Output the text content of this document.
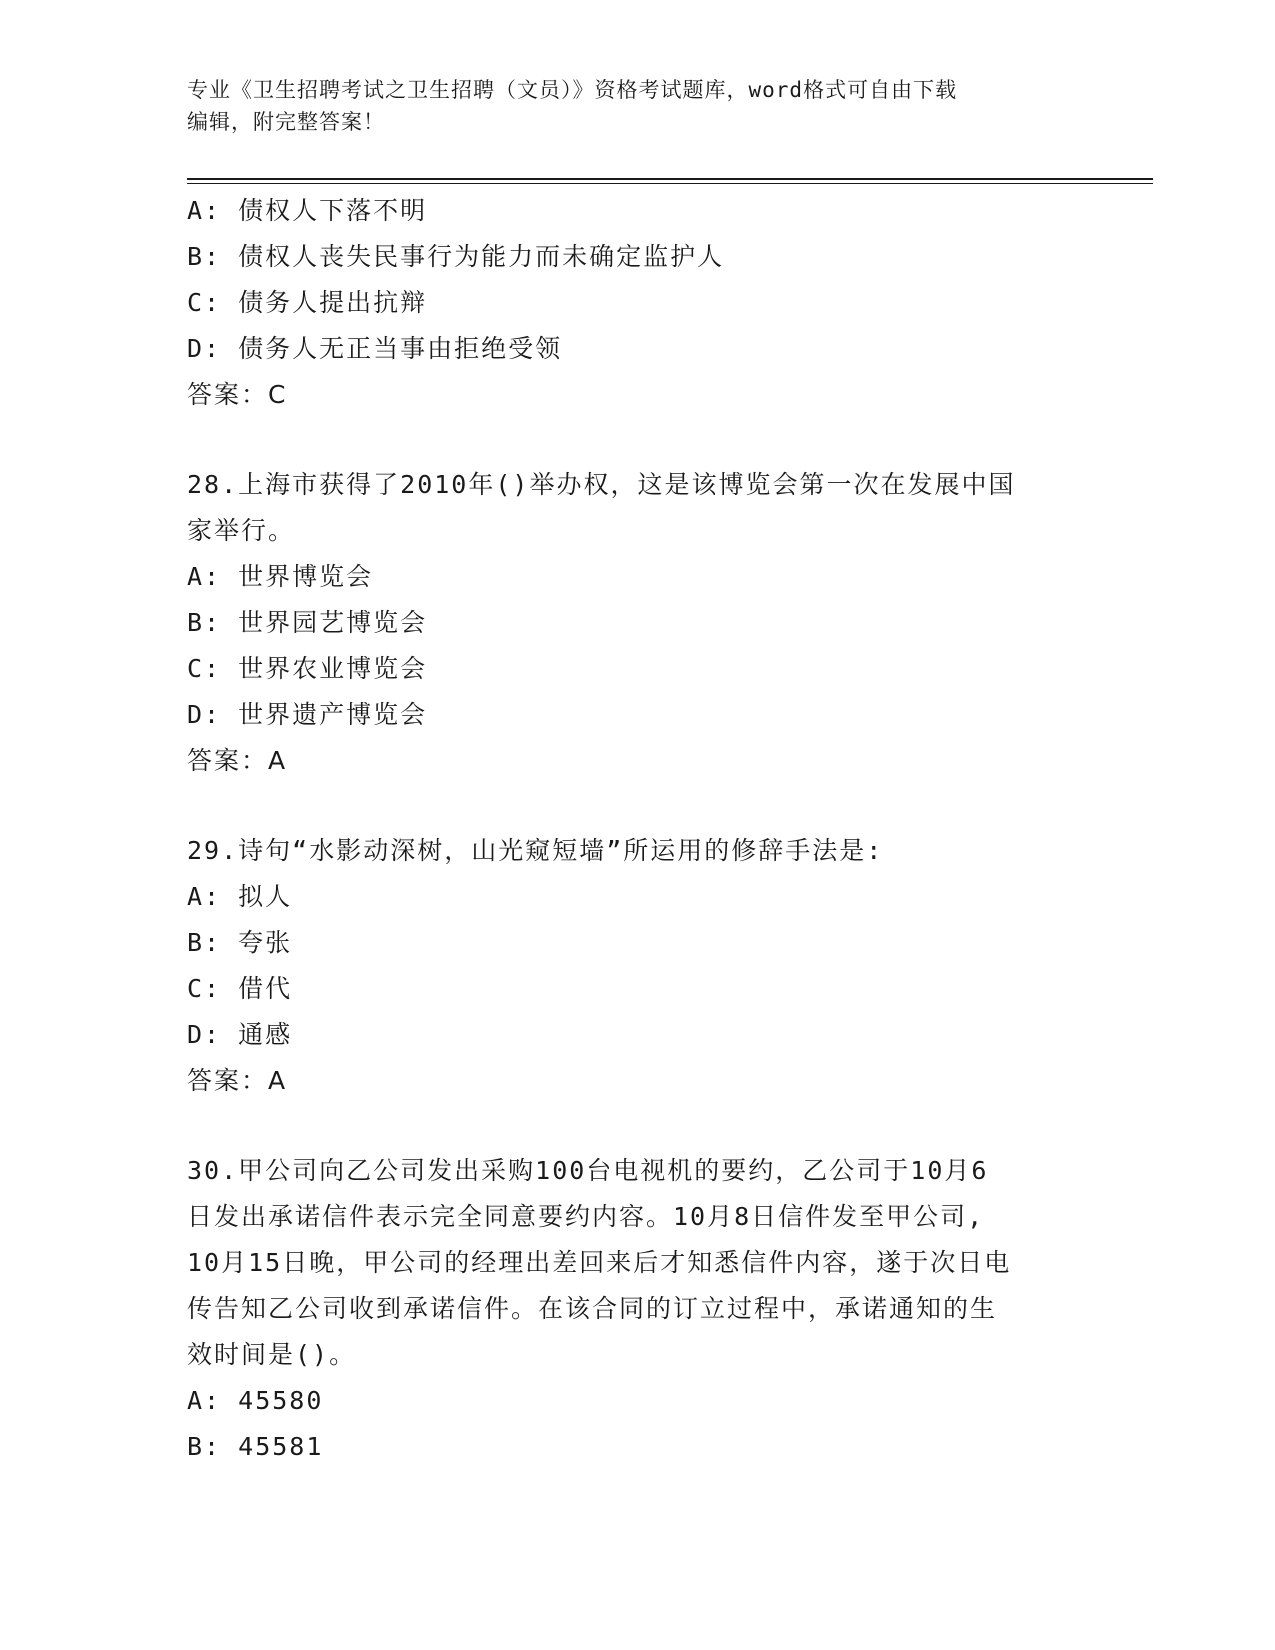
专业《卫生招聘考试之卫生招聘（文员）》资格考试题库，word格式可自由下载
编辑，附完整答案！
A: 债权人下落不明
B: 债权人丧失民事行为能力而未确定监护人
C: 债务人提出抗辩
D: 债务人无正当事由拒绝受领
答案：C
28.上海市获得了2010年()举办权，这是该博览会第一次在发展中国
家举行。
A: 世界博览会
B: 世界园艺博览会
C: 世界农业博览会
D: 世界遗产博览会
答案：A
29.诗句“水影动深树，山光窥短墙”所运用的修辞手法是:
A: 拟人
B: 夸张
C: 借代
D: 通感
答案：A
30.甲公司向乙公司发出采购100台电视机的要约，乙公司于10月6
日发出承诺信件表示完全同意要约内容。10月8日信件发至甲公司,
10月15日晚，甲公司的经理出差回来后才知悉信件内容，遂于次日电
传告知乙公司收到承诺信件。在该合同的订立过程中，承诺通知的生
效时间是()。
A: 45580
B: 45581
